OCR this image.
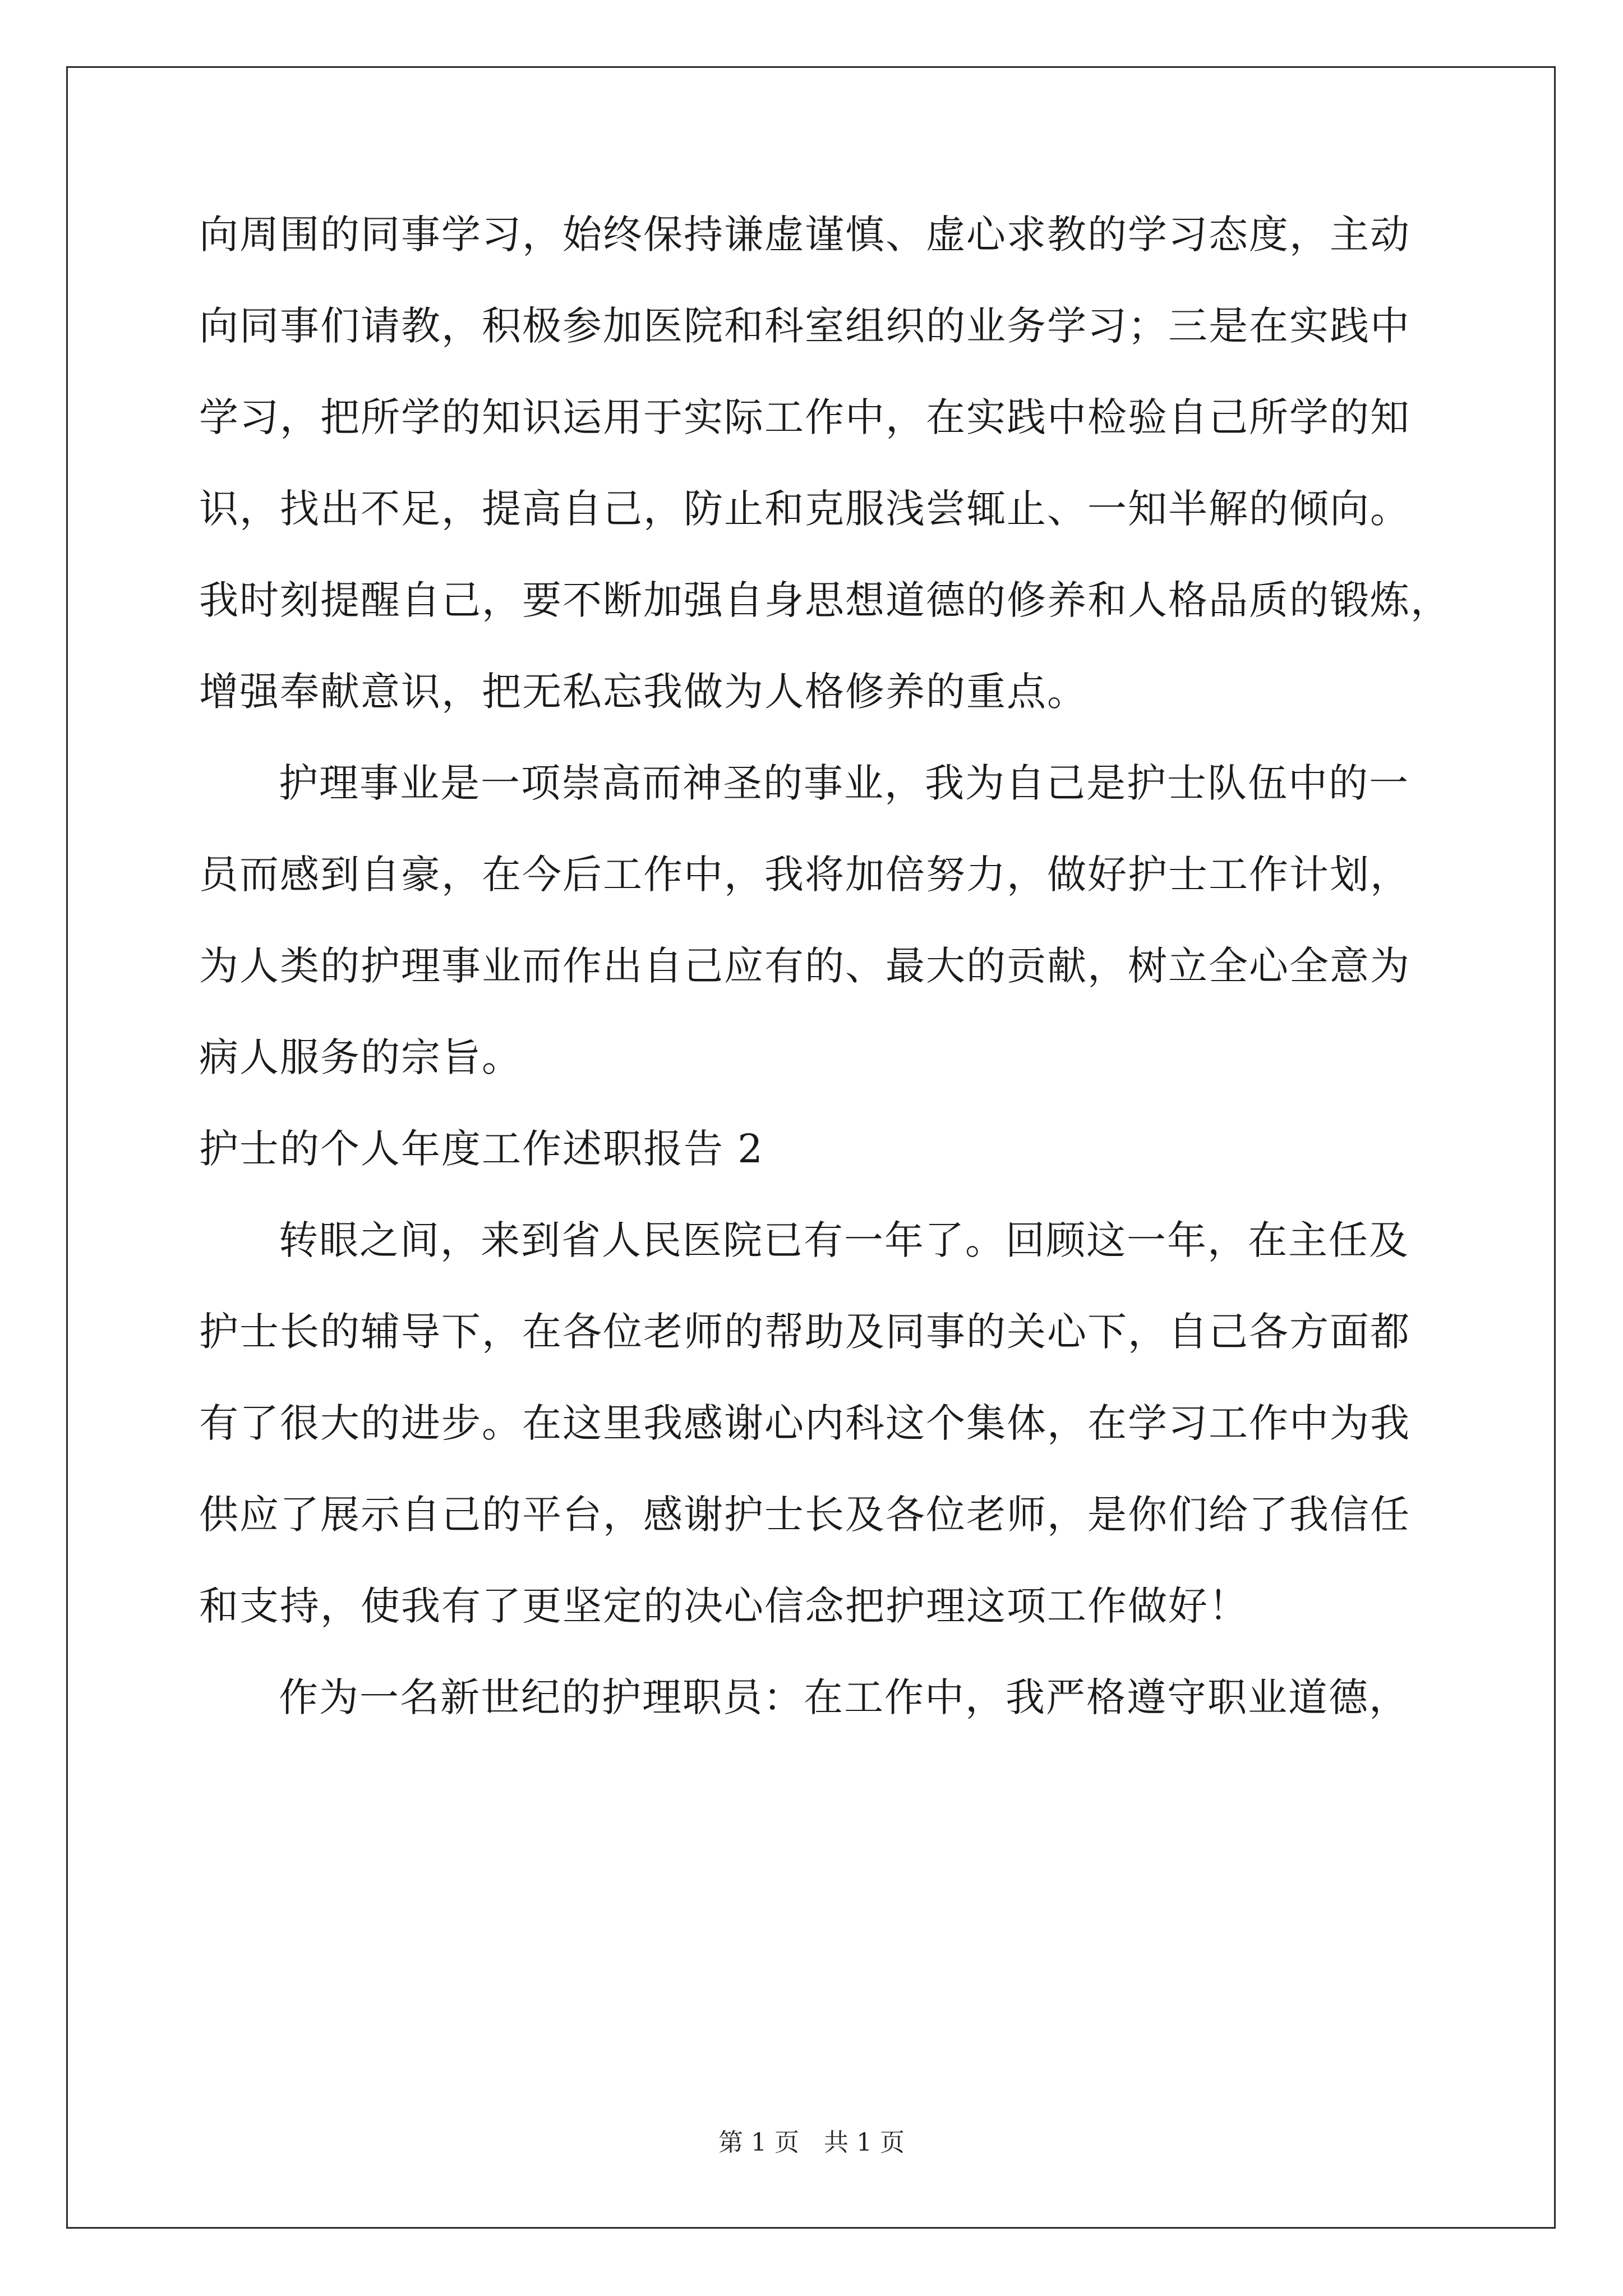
向周围的同事学习，始终保持谦虚谨慎、虚心求教的学习态度，主动
向同事们请教，积极参加医院和科室组织的业务学习；三是在实践中
学习，把所学的知识运用于实际工作中，在实践中检验自己所学的知
识，找出不足，提高自己，防止和克服浅尝辄止、一知半解的倾向。
我时刻提醒自己，要不断加强自身思想道德的修养和人格品质的锻炼，
增强奉献意识，把无私忘我做为人格修养的重点。
护理事业是一项崇高而神圣的事业，我为自己是护士队伍中的一
员而感到自豪，在今后工作中，我将加倍努力，做好护士工作计划，
为人类的护理事业而作出自己应有的、最大的贡献，树立全心全意为
病人服务的宗旨。
护士的个人年度工作述职报告 2
转眼之间，来到省人民医院已有一年了。回顾这一年，在主任及
护士长的辅导下，在各位老师的帮助及同事的关心下，自己各方面都
有了很大的进步。在这里我感谢心内科这个集体，在学习工作中为我
供应了展示自己的平台，感谢护士长及各位老师，是你们给了我信任
和支持，使我有了更坚定的决心信念把护理这项工作做好！
作为一名新世纪的护理职员：在工作中，我严格遵守职业道德，
第 1 页　共 1 页
